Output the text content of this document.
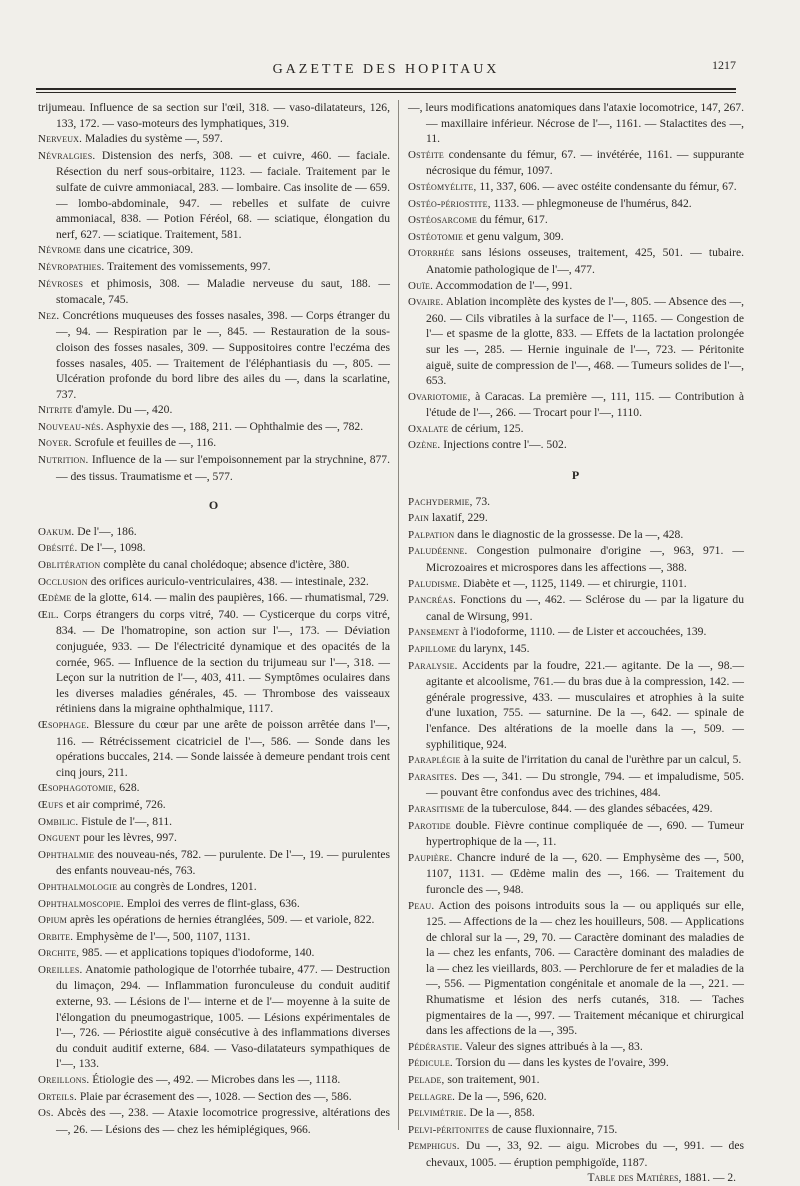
GAZETTE DES HOPITAUX	1217

trijumeau. Influence de sa section sur l'œil, 318. — vaso-dilatateurs, 126, 133, 172. — vaso-moteurs des lymphatiques, 319.

Nerveux. Maladies du système —, 597.

Névralgies. Distension des nerfs, 308. — et cuivre, 460. — faciale. Résection du nerf sous-orbitaire, 1123. — faciale. Traitement par le sulfate de cuivre ammoniacal, 283. — lombaire. Cas insolite de — 659. — lombo-abdominale, 947. — rebelles et sulfate de cuivre ammoniacal, 838. — Potion Féréol, 68. — sciatique, élongation du nerf, 627. — sciatique. Traitement, 581.

Névrome dans une cicatrice, 309.

Névropathies. Traitement des vomissements, 997.

Névroses et phimosis, 308. — Maladie nerveuse du saut, 188. — stomacale, 745.

Nez. Concrétions muqueuses des fosses nasales, 398. — Corps étranger du —, 94. — Respiration par le —, 845. — Restauration de la sous-cloison des fosses nasales, 309. — Suppositoires contre l'eczéma des fosses nasales, 405. — Traitement de l'éléphantiasis du —, 805. — Ulcération profonde du bord libre des ailes du —, dans la scarlatine, 737.

Nitrite d'amyle. Du —, 420.

Nouveau-nés. Asphyxie des —, 188, 211. — Ophthalmie des —, 782.

Noyer. Scrofule et feuilles de —, 116.

Nutrition. Influence de la — sur l'empoisonnement par la strychnine, 877. — des tissus. Traumatisme et —, 577.

O

Oakum. De l'—, 186.

Obésité. De l'—, 1098.

Oblitération complète du canal cholédoque; absence d'ictère, 380.

Occlusion des orifices auriculo-ventriculaires, 438. — intestinale, 232.

Œdème de la glotte, 614. — malin des paupières, 166. — rhumatismal, 729.

Œil. Corps étrangers du corps vitré, 740. — Cysticerque du corps vitré, 834. — De l'homatropine, son action sur l'—, 173. — Déviation conjuguée, 933. — De l'électricité dynamique et des opacités de la cornée, 965. — Influence de la section du trijumeau sur l'—, 318. — Leçon sur la nutrition de l'—, 403, 411. — Symptômes oculaires dans les diverses maladies générales, 45. — Thrombose des vaisseaux rétiniens dans la migraine ophthalmique, 1117.

Œsophage. Blessure du cœur par une arête de poisson arrêtée dans l'—, 116. — Rétrécissement cicatriciel de l'—, 586. — Sonde dans les opérations buccales, 214. — Sonde laissée à demeure pendant trois cent cinq jours, 211.

Œsophagotomie, 628.

Œufs et air comprimé, 726.

Ombilic. Fistule de l'—, 811.

Onguent pour les lèvres, 997.

Ophthalmie des nouveau-nés, 782. — purulente. De l'—, 19. — purulentes des enfants nouveau-nés, 763.

Ophthalmologie au congrès de Londres, 1201.

Ophthalmoscopie. Emploi des verres de flint-glass, 636.

Opium après les opérations de hernies étranglées, 509. — et variole, 822.

Orbite. Emphysème de l'—, 500, 1107, 1131.

Orchite, 985. — et applications topiques d'iodoforme, 140.

Oreilles. Anatomie pathologique de l'otorrhée tubaire, 477. — Destruction du limaçon, 294. — Inflammation furonculeuse du conduit auditif externe, 93. — Lésions de l'— interne et de l'— moyenne à la suite de l'élongation du pneumogastrique, 1005. — Lésions expérimentales de l'—, 726. — Périostite aiguë consécutive à des inflammations diverses du conduit auditif externe, 684. — Vaso-dilatateurs sympathiques de l'—, 133.

Oreillons. Étiologie des —, 492. — Microbes dans les —, 1118.

Orteils. Plaie par écrasement des —, 1028. — Section des —, 586.

Os. Abcès des —, 238. — Ataxie locomotrice progressive, altérations des —, 26. — Lésions des — chez les hémiplégiques, 966.

—, leurs modifications anatomiques dans l'ataxie locomotrice, 147, 267. — maxillaire inférieur. Nécrose de l'—, 1161. — Stalactites des —, 11.

Ostéite condensante du fémur, 67. — invétérée, 1161. — suppurante nécrosique du fémur, 1097.

Ostéomyélite, 11, 337, 606. — avec ostéite condensante du fémur, 67.

Ostéo-périostite, 1133. — phlegmoneuse de l'humérus, 842.

Ostéosarcome du fémur, 617.

Ostéotomie et genu valgum, 309.

Otorrhée sans lésions osseuses, traitement, 425, 501. — tubaire. Anatomie pathologique de l'—, 477.

Ouïe. Accommodation de l'—, 991.

Ovaire. Ablation incomplète des kystes de l'—, 805. — Absence des —, 260. — Cils vibratiles à la surface de l'—, 1165. — Congestion de l'— et spasme de la glotte, 833. — Effets de la lactation prolongée sur les —, 285. — Hernie inguinale de l'—, 723. — Péritonite aiguë, suite de compression de l'—, 468. — Tumeurs solides de l'—, 653.

Ovariotomie, à Caracas. La première —, 111, 115. — Contribution à l'étude de l'—, 266. — Trocart pour l'—, 1110.

Oxalate de cérium, 125.

Ozène. Injections contre l'—. 502.

P

Pachydermie, 73.

Pain laxatif, 229.

Palpation dans le diagnostic de la grossesse. De la —, 428.

Paludéenne. Congestion pulmonaire d'origine —, 963, 971. — Microzoaires et microspores dans les affections —, 388.

Paludisme. Diabète et —, 1125, 1149. — et chirurgie, 1101.

Pancréas. Fonctions du —, 462. — Sclérose du — par la ligature du canal de Wirsung, 991.

Pansement à l'iodoforme, 1110. — de Lister et accouchées, 139.

Papillome du larynx, 145.

Paralysie. Accidents par la foudre, 221.— agitante. De la —, 98.— agitante et alcoolisme, 761.— du bras due à la compression, 142. — générale progressive, 433. — musculaires et atrophies à la suite d'une luxation, 755. — saturnine. De la —, 642. — spinale de l'enfance. Des altérations de la moelle dans la —, 509. — syphilitique, 924.

Paraplégie à la suite de l'irritation du canal de l'urèthre par un calcul, 5.

Parasites. Des —, 341. — Du strongle, 794. — et impaludisme, 505. — pouvant être confondus avec des trichines, 484.

Parasitisme de la tuberculose, 844. — des glandes sébacées, 429.

Parotide double. Fièvre continue compliquée de —, 690. — Tumeur hypertrophique de la —, 11.

Paupière. Chancre induré de la —, 620. — Emphysème des —, 500, 1107, 1131. — Œdème malin des —, 166. — Traitement du furoncle des —, 948.

Peau. Action des poisons introduits sous la — ou appliqués sur elle, 125. — Affections de la — chez les houilleurs, 508. — Applications de chloral sur la —, 29, 70. — Caractère dominant des maladies de la — chez les enfants, 706. — Caractère dominant des maladies de la — chez les vieillards, 803. — Perchlorure de fer et maladies de la —, 556. — Pigmentation congénitale et anomale de la —, 221. — Rhumatisme et lésion des nerfs cutanés, 318. — Taches pigmentaires de la —, 997. — Traitement mécanique et chirurgical dans les affections de la —, 395.

Pédérastie. Valeur des signes attribués à la —, 83.

Pédicule. Torsion du — dans les kystes de l'ovaire, 399.

Pelade, son traitement, 901.

Pellagre. De la —, 596, 620.

Pelvimétrie. De la —, 858.

Pelvi-péritonites de cause fluxionnaire, 715.

Pemphigus. Du —, 33, 92. — aigu. Microbes du —, 991. — des chevaux, 1005. — éruption pemphigoïde, 1187.

Table des Matières, 1881. — 2.
